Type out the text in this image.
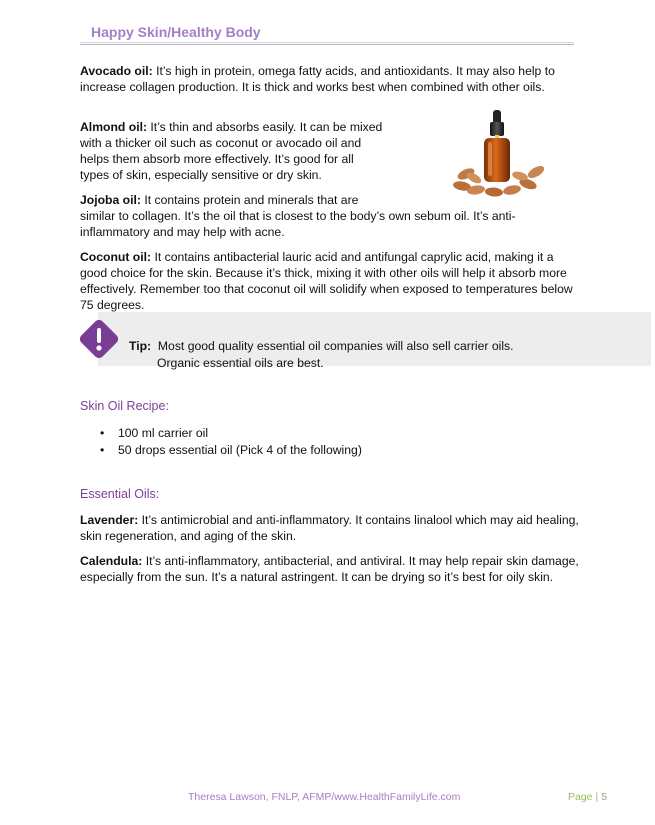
Happy Skin/Healthy Body

Avocado oil: It’s high in protein, omega fatty acids, and antioxidants. It may also help to increase collagen production. It is thick and works best when combined with other oils.

Almond oil: It’s thin and absorbs easily. It can be mixed
with a thicker oil such as coconut or avocado oil and
helps them absorb more effectively. It’s good for all
types of skin, especially sensitive or dry skin.
Jojoba oil: It contains protein and minerals that are
similar to collagen. It’s the oil that is closest to the body’s own sebum oil. It’s anti-inflammatory and may help with acne.

Coconut oil: It contains antibacterial lauric acid and antifungal caprylic acid, making it a good choice for the skin. Because it’s thick, mixing it with other oils will help it absorb more effectively. Remember too that coconut oil will solidify when exposed to temperatures below 75 degrees.

Tip: Most good quality essential oil companies will also sell carrier oils.
Organic essential oils are best.
Skin Oil Recipe:
• 100 ml carrier oil
• 50 drops essential oil (Pick 4 of the following)
Essential Oils:

Lavender: It’s antimicrobial and anti-inflammatory. It contains linalool which may aid healing, skin regeneration, and aging of the skin.

Calendula: It’s anti-inflammatory, antibacterial, and antiviral. It may help repair skin damage, especially from the sun. It’s a natural astringent. It can be drying so it’s best for oily skin.

Theresa Lawson, FNLP, AFMP/www.HealthFamilyLife.com	Page | 5
